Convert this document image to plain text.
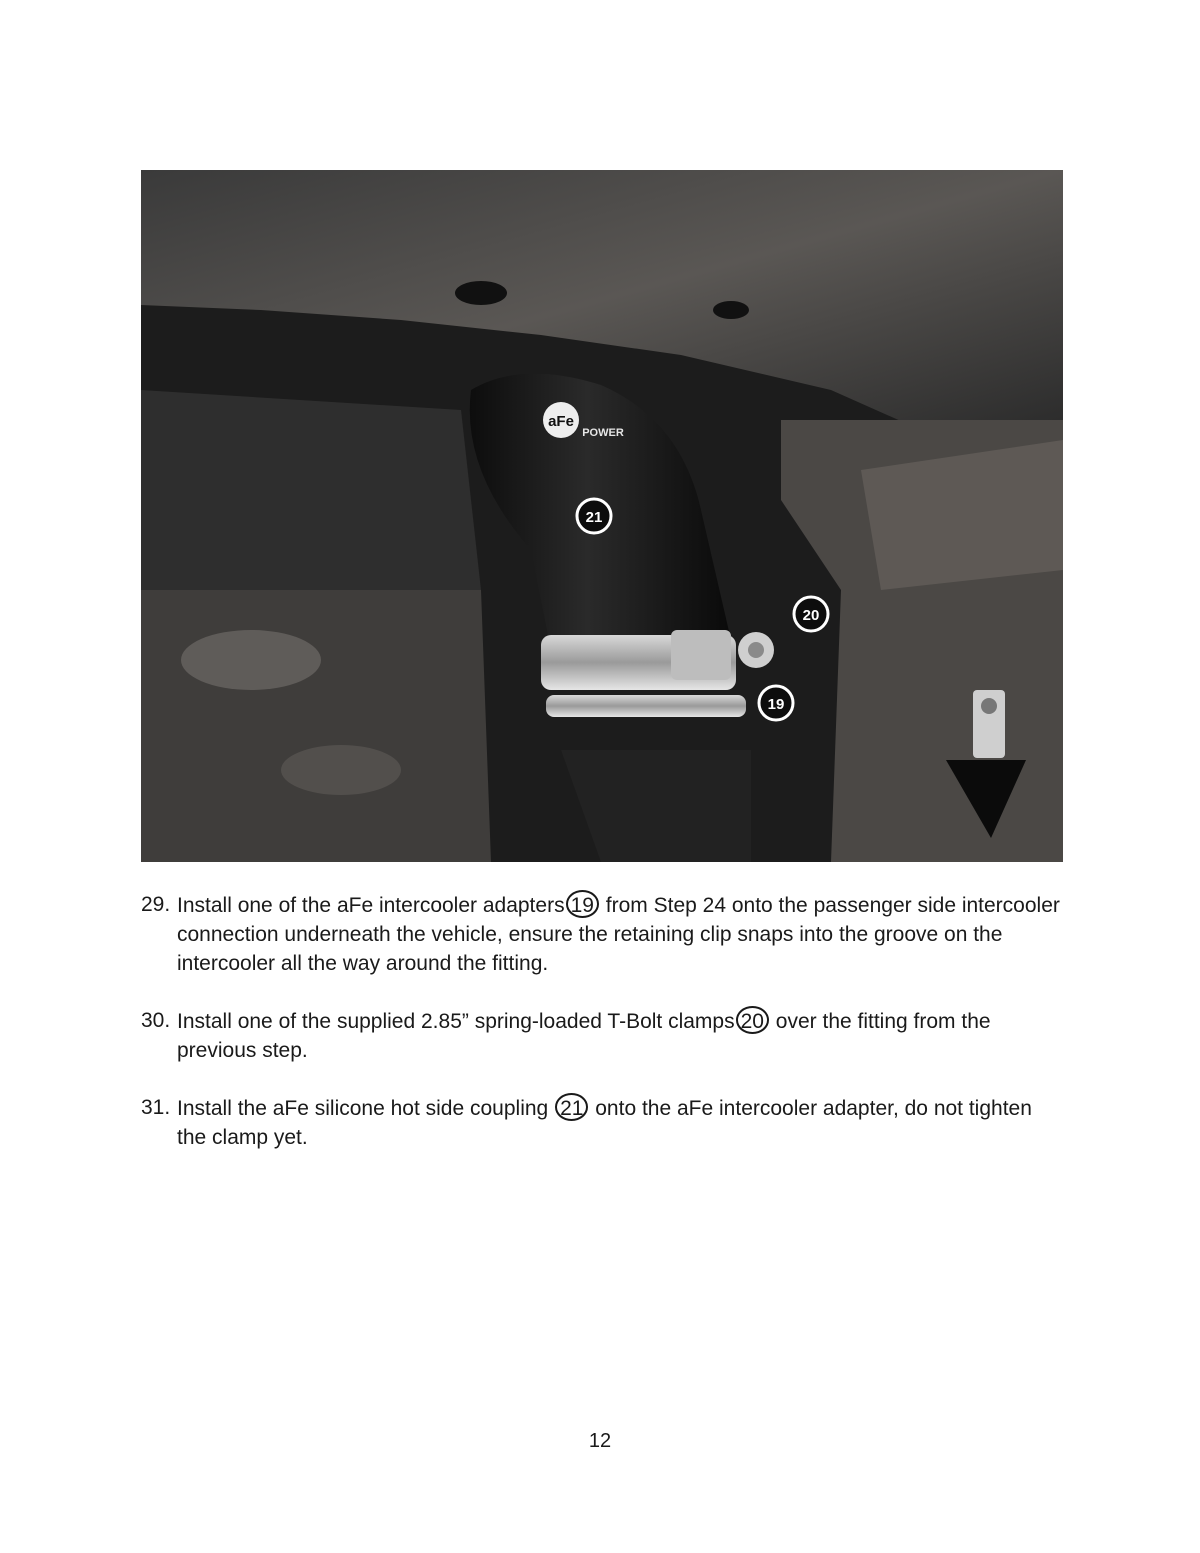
aFe
POWER
21
20
19
29. Install one of the aFe intercooler adapters 19 from Step 24 onto the passenger side intercooler connection underneath the vehicle, ensure the retaining clip snaps into the groove on the intercooler all the way around the fitting.
30. Install one of the supplied 2.85” spring-loaded T-Bolt clamps 20 over the fitting from the previous step.
31. Install the aFe silicone hot side coupling 21 onto the aFe intercooler adapter, do not tighten the clamp yet.
12
